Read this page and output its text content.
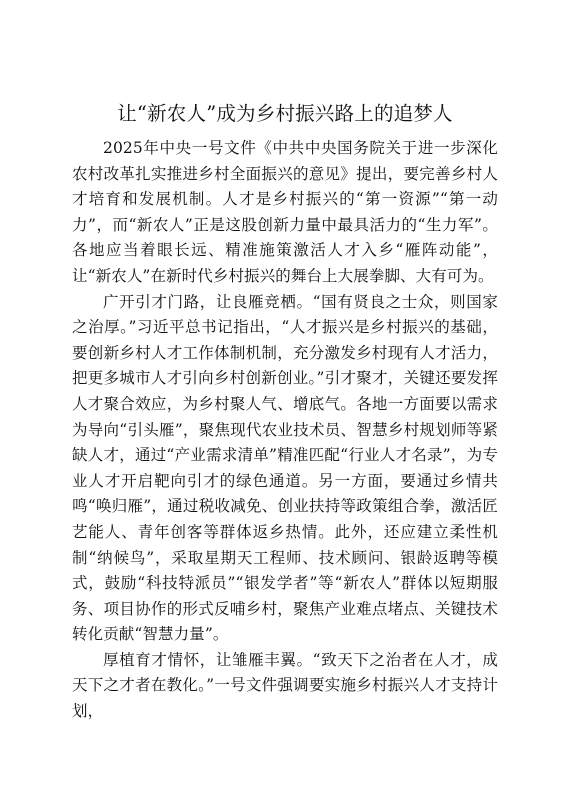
让“新农人”成为乡村振兴路上的追梦人

2025年中央一号文件《中共中央国务院关于进一步深化农村改革扎实推进乡村全面振兴的意见》提出，要完善乡村人才培育和发展机制。人才是乡村振兴的“第一资源”“第一动力”，而“新农人”正是这股创新力量中最具活力的“生力军”。各地应当着眼长远、精准施策激活人才入乡“雁阵动能”，让“新农人”在新时代乡村振兴的舞台上大展拳脚、大有可为。

广开引才门路，让良雁竞栖。“国有贤良之士众，则国家之治厚。”习近平总书记指出，“人才振兴是乡村振兴的基础，要创新乡村人才工作体制机制，充分激发乡村现有人才活力，把更多城市人才引向乡村创新创业。”引才聚才，关键还要发挥人才聚合效应，为乡村聚人气、增底气。各地一方面要以需求为导向“引头雁”，聚焦现代农业技术员、智慧乡村规划师等紧缺人才，通过“产业需求清单”精准匹配“行业人才名录”，为专业人才开启靶向引才的绿色通道。另一方面，要通过乡情共鸣“唤归雁”，通过税收减免、创业扶持等政策组合拳，激活匠艺能人、青年创客等群体返乡热情。此外，还应建立柔性机制“纳候鸟”，采取星期天工程师、技术顾问、银龄返聘等模式，鼓励“科技特派员”“银发学者”等“新农人”群体以短期服务、项目协作的形式反哺乡村，聚焦产业难点堵点、关键技术转化贡献“智慧力量”。

厚植育才情怀，让雏雁丰翼。“致天下之治者在人才，成天下之才者在教化。”一号文件强调要实施乡村振兴人才支持计划，
